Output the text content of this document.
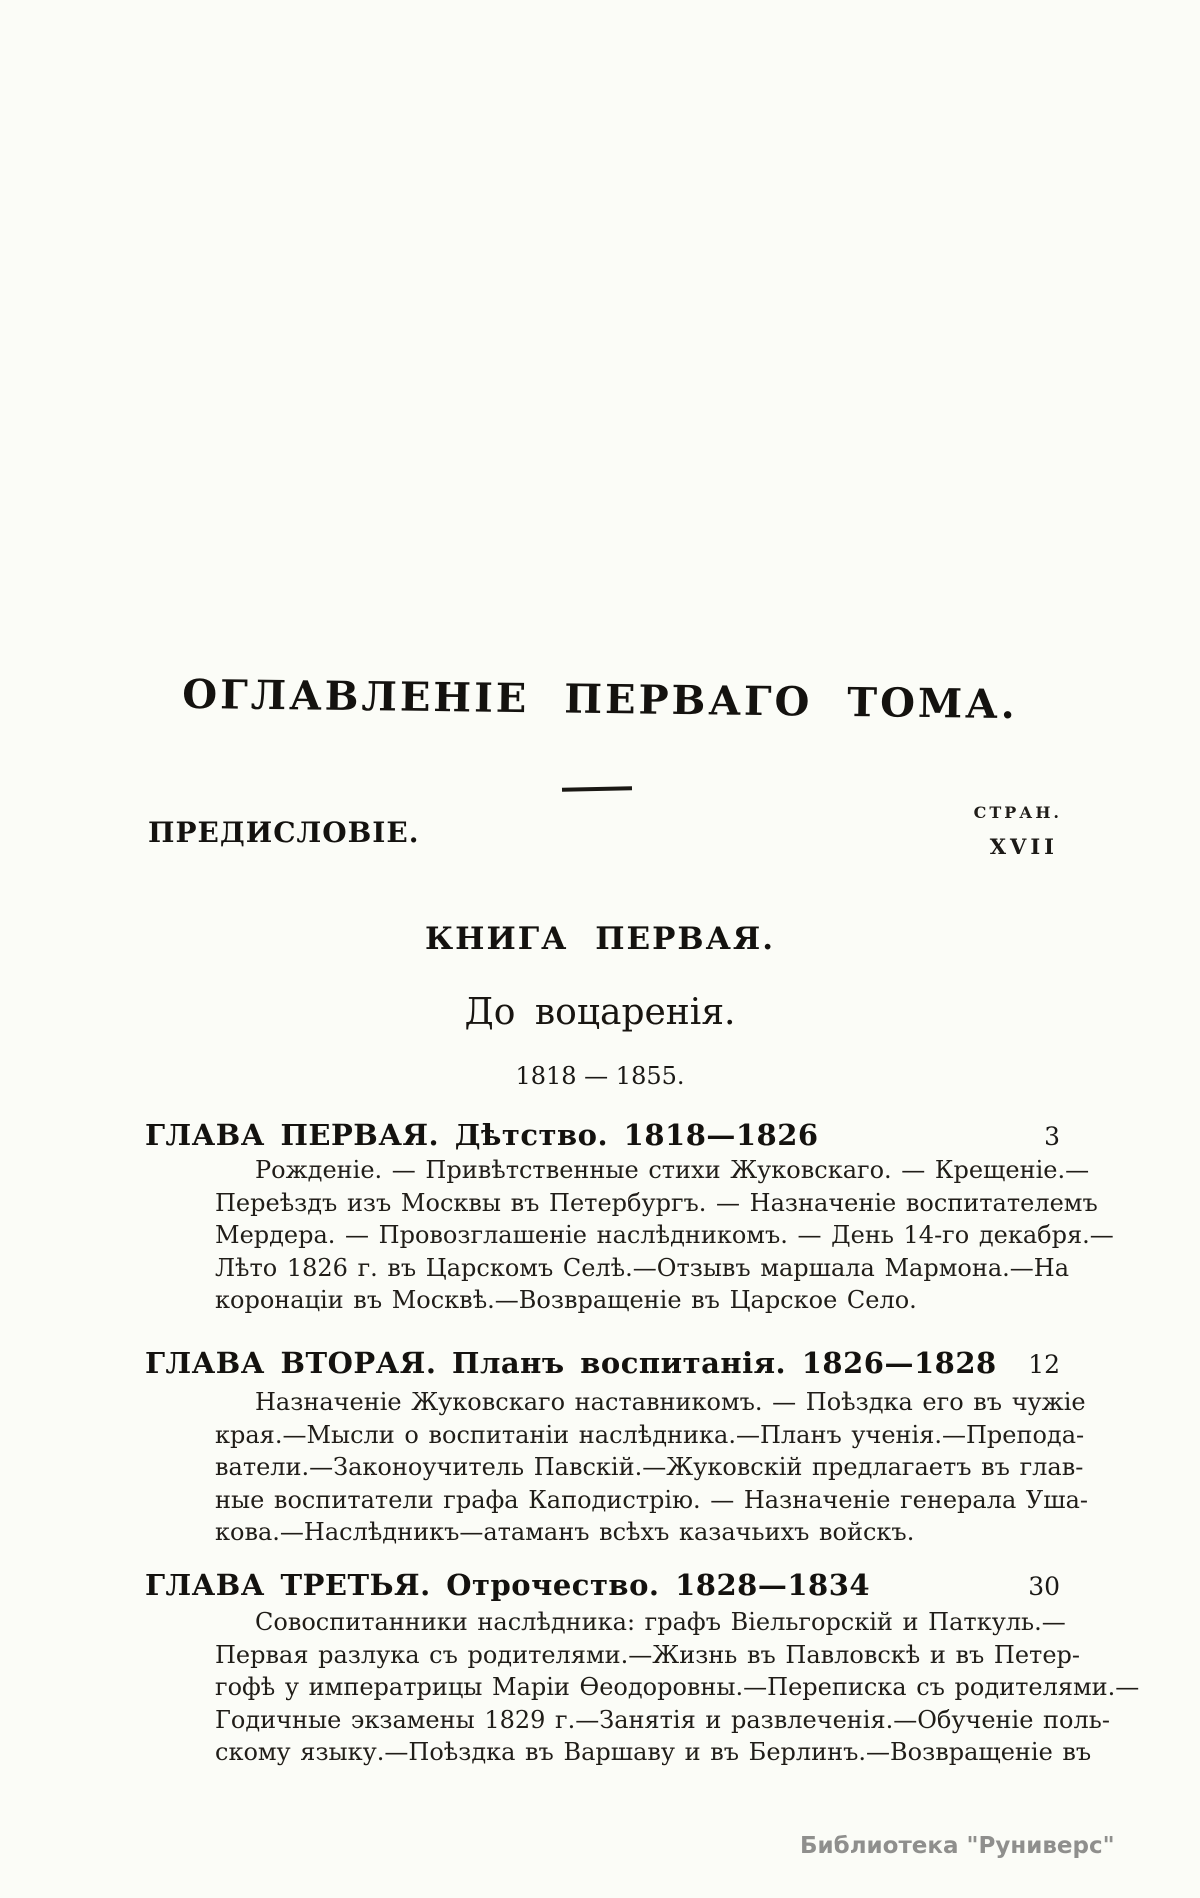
ОГЛАВЛЕНІЕ ПЕРВАГО ТОМА.
СТРАН.
ПРЕДИСЛОВІЕ.	XVII
КНИГА ПЕРВАЯ.
До воцаренія.
1818 — 1855.
ГЛАВА ПЕРВАЯ. Дѣтство. 1818—1826	3
Рожденіе. — Привѣтственные стихи Жуковскаго. — Крещеніе.—
Переѣздъ изъ Москвы въ Петербургъ. — Назначеніе воспитателемъ
Мердера. — Провозглашеніе наслѣдникомъ. — День 14-го декабря.—
Лѣто 1826 г. въ Царскомъ Селѣ.—Отзывъ маршала Мармона.—На
коронаціи въ Москвѣ.—Возвращеніе въ Царское Село.
ГЛАВА ВТОРАЯ. Планъ воспитанія. 1826—1828 12
Назначеніе Жуковскаго наставникомъ. — Поѣздка его въ чужіе
края.—Мысли о воспитаніи наслѣдника.—Планъ ученія.—Препода-
ватели.—Законоучитель Павскій.—Жуковскій предлагаетъ въ глав-
ные воспитатели графа Каподистрію. — Назначеніе генерала Уша-
кова.—Наслѣдникъ—атаманъ всѣхъ казачьихъ войскъ.
ГЛАВА ТРЕТЬЯ. Отрочество. 1828—1834	30
Совоспитанники наслѣдника: графъ Віельгорскій и Паткуль.—
Первая разлука съ родителями.—Жизнь въ Павловскѣ и въ Петер-
гофѣ у императрицы Маріи Ѳеодоровны.—Переписка съ родителями.—
Годичные экзамены 1829 г.—Занятія и развлеченія.—Обученіе поль-
скому языку.—Поѣздка въ Варшаву и въ Берлинъ.—Возвращеніе въ
Библиотека "Руниверс"
